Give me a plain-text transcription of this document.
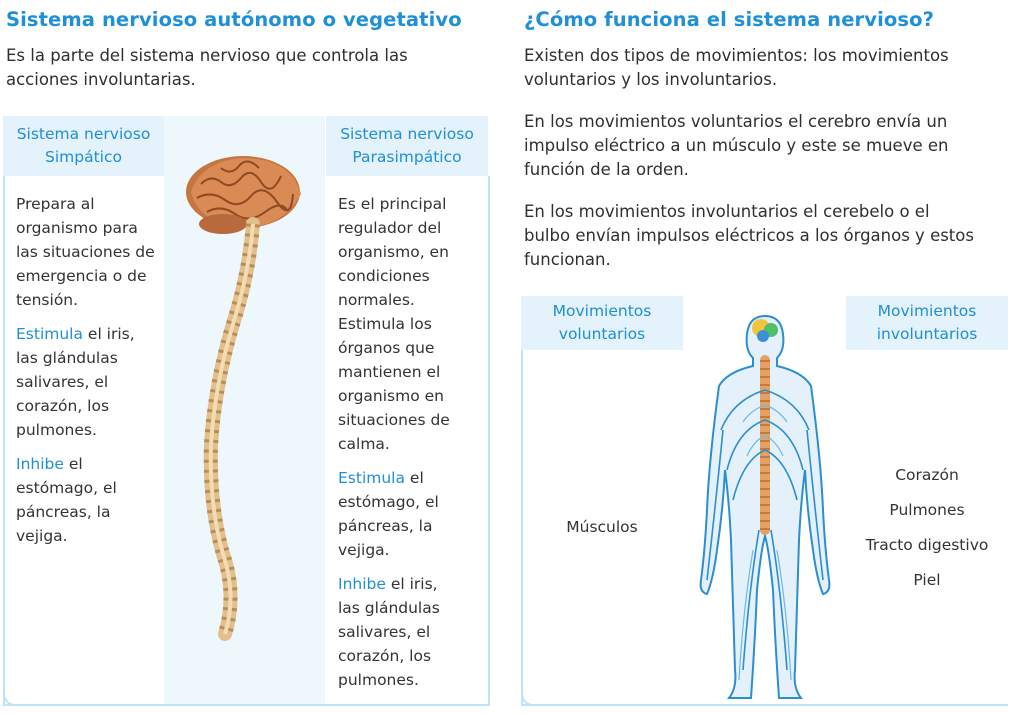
Sistema nervioso autónomo o vegetativo
Es la parte del sistema nervioso que controla las
acciones involuntarias.
Sistema nervioso
Simpático
Sistema nervioso
Parasimpático

Prepara al
organismo para
las situaciones de
emergencia o de
tensión.

Estimula el iris,
las glándulas
salivares, el
corazón, los
pulmones.

Inhibe el
estómago, el
páncreas, la
vejiga.

Es el principal
regulador del
organismo, en
condiciones
normales.
Estimula los
órganos que
mantienen el
organismo en
situaciones de
calma.

Estimula el
estómago, el
páncreas, la
vejiga.

Inhibe el iris,
las glándulas
salivares, el
corazón, los
pulmones.

¿Cómo funciona el sistema nervioso?
Existen dos tipos de movimientos: los movimientos
voluntarios y los involuntarios.
En los movimientos voluntarios el cerebro envía un
impulso eléctrico a un músculo y este se mueve en
función de la orden.
En los movimientos involuntarios el cerebelo o el
bulbo envían impulsos eléctricos a los órganos y estos
funcionan.
Movimientos
voluntarios
Movimientos
involuntarios
Músculos
Corazón
Pulmones
Tracto digestivo
Piel
